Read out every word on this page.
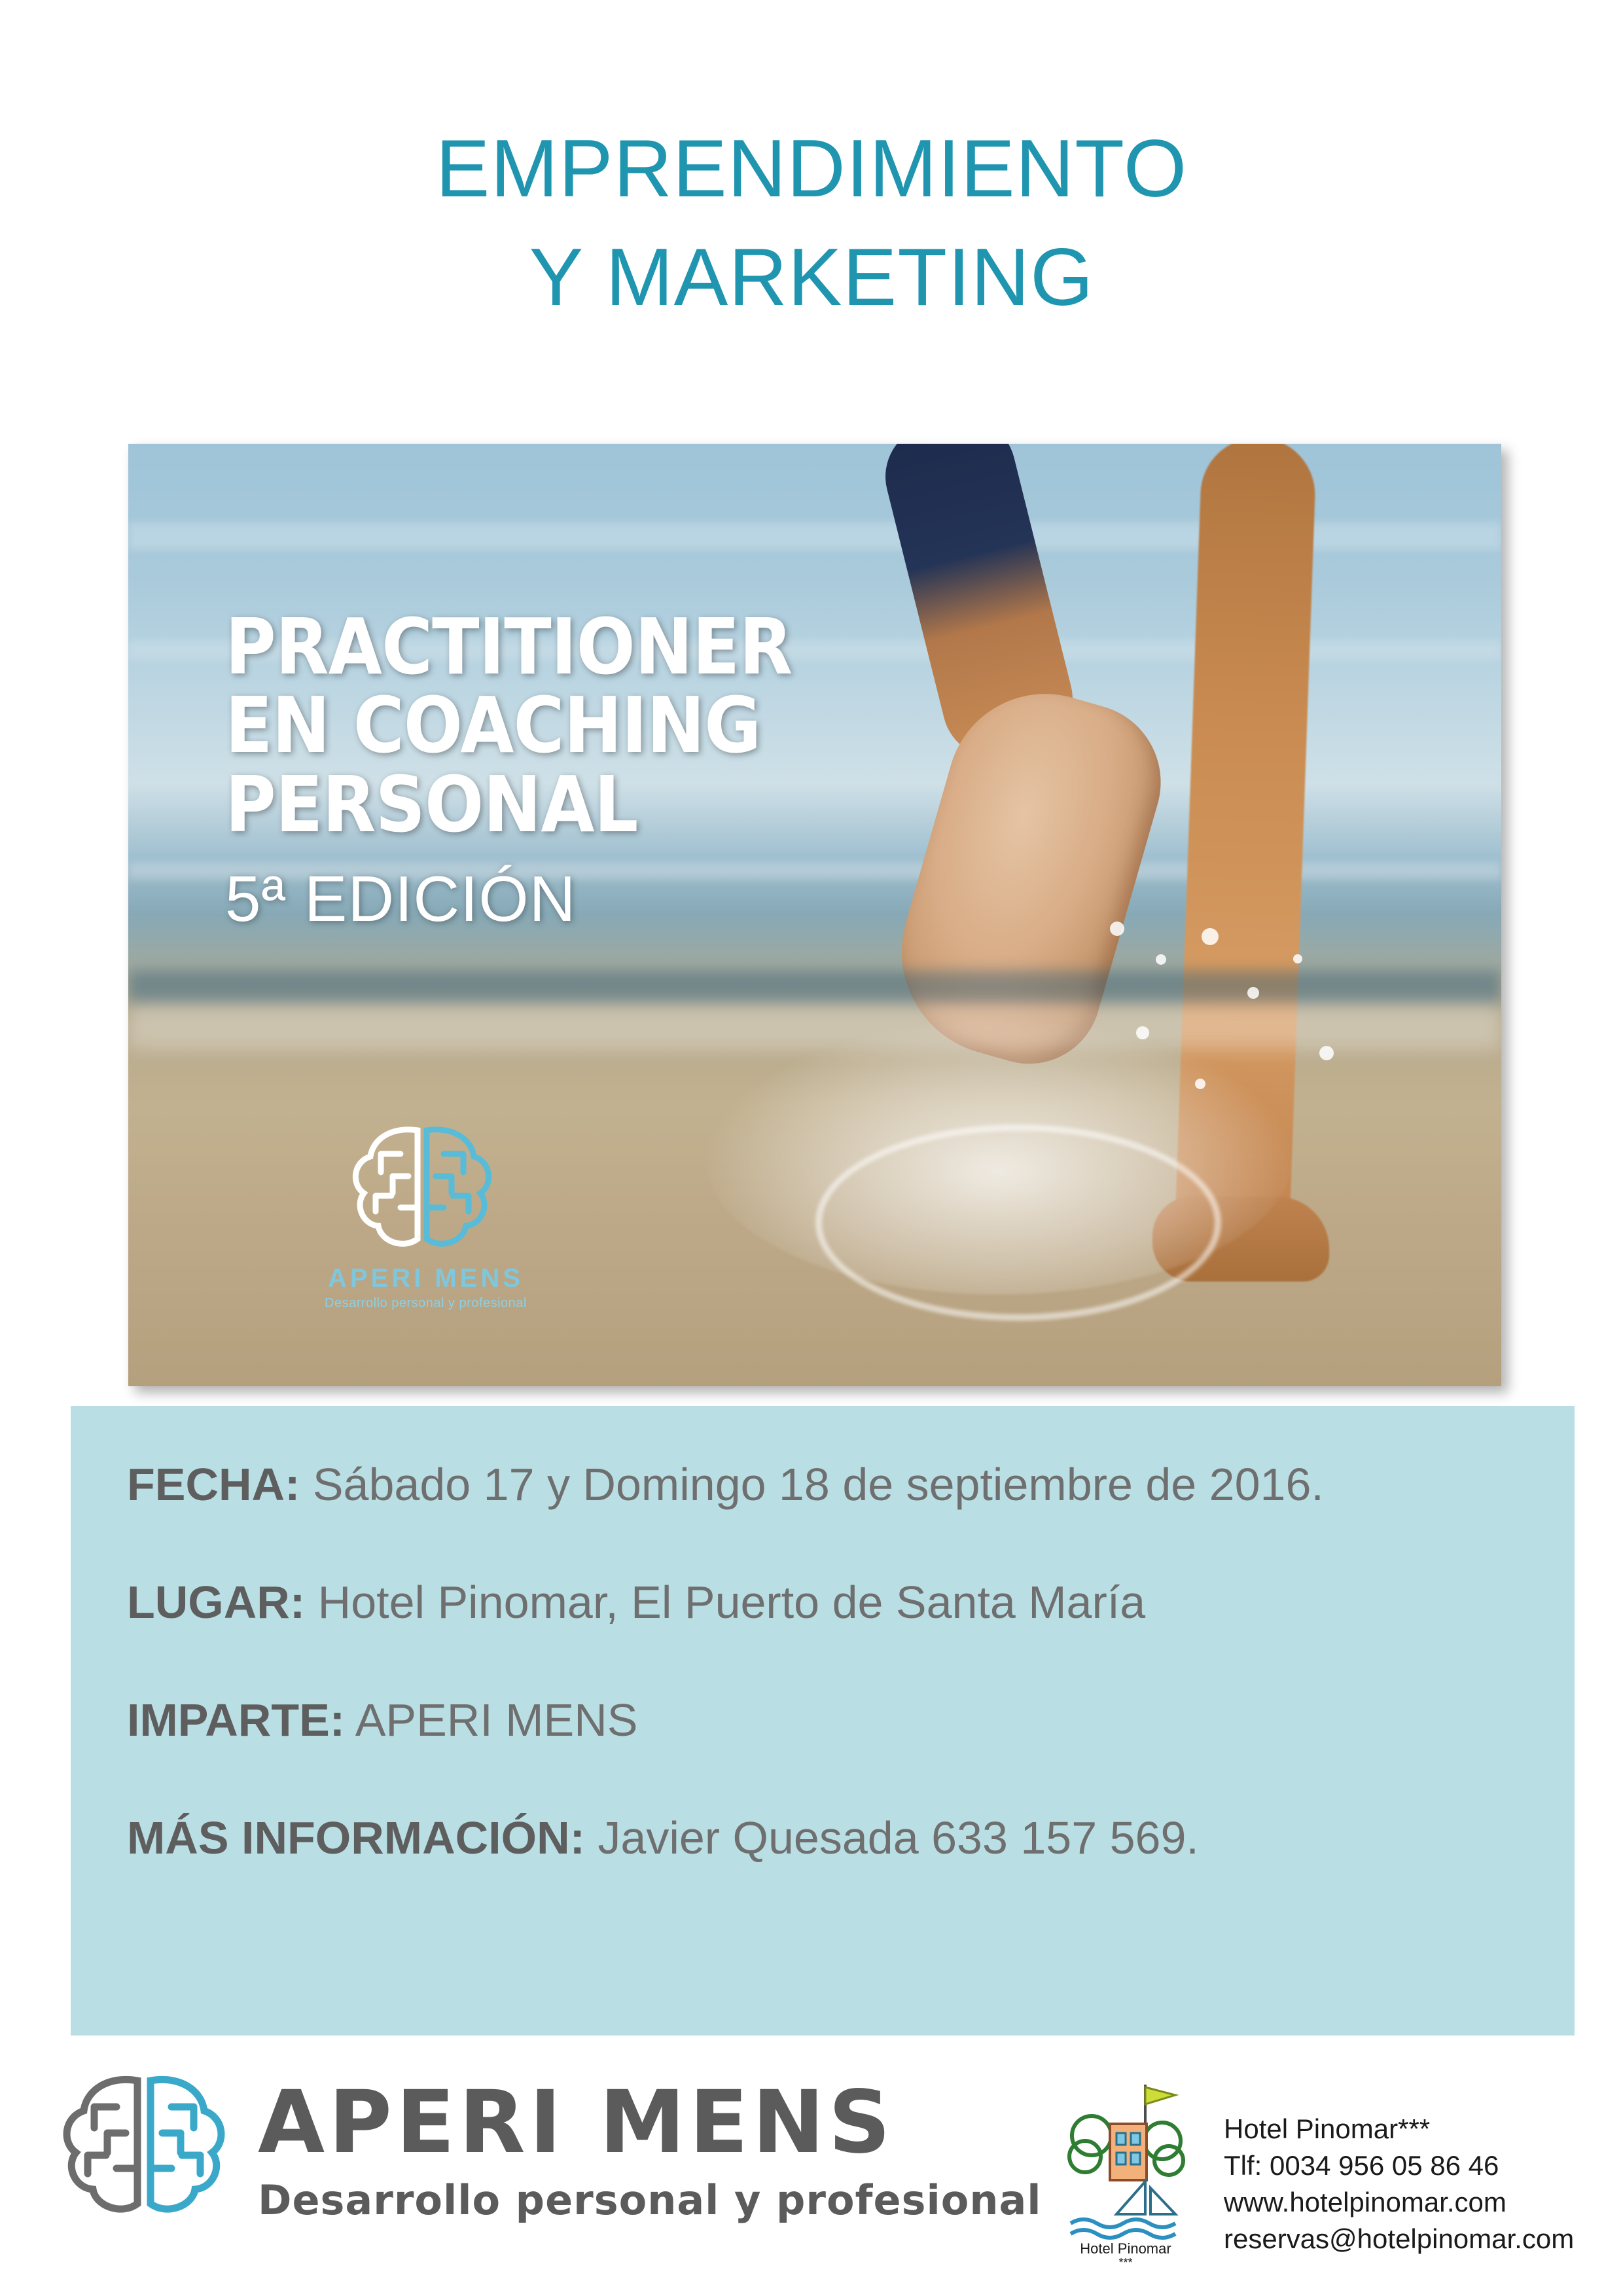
EMPRENDIMIENTO
Y MARKETING
PRACTITIONER
EN COACHING
PERSONAL
5ª EDICIÓN
APERI MENS
Desarrollo personal y profesional
FECHA: Sábado 17 y Domingo 18 de septiembre de 2016.
LUGAR: Hotel Pinomar, El Puerto de Santa María
IMPARTE: APERI MENS
MÁS INFORMACIÓN: Javier Quesada 633 157 569.
APERI MENS
Desarrollo personal y profesional
Hotel Pinomar
***
Hotel Pinomar***
Tlf: 0034 956 05 86 46
www.hotelpinomar.com
reservas@hotelpinomar.com
